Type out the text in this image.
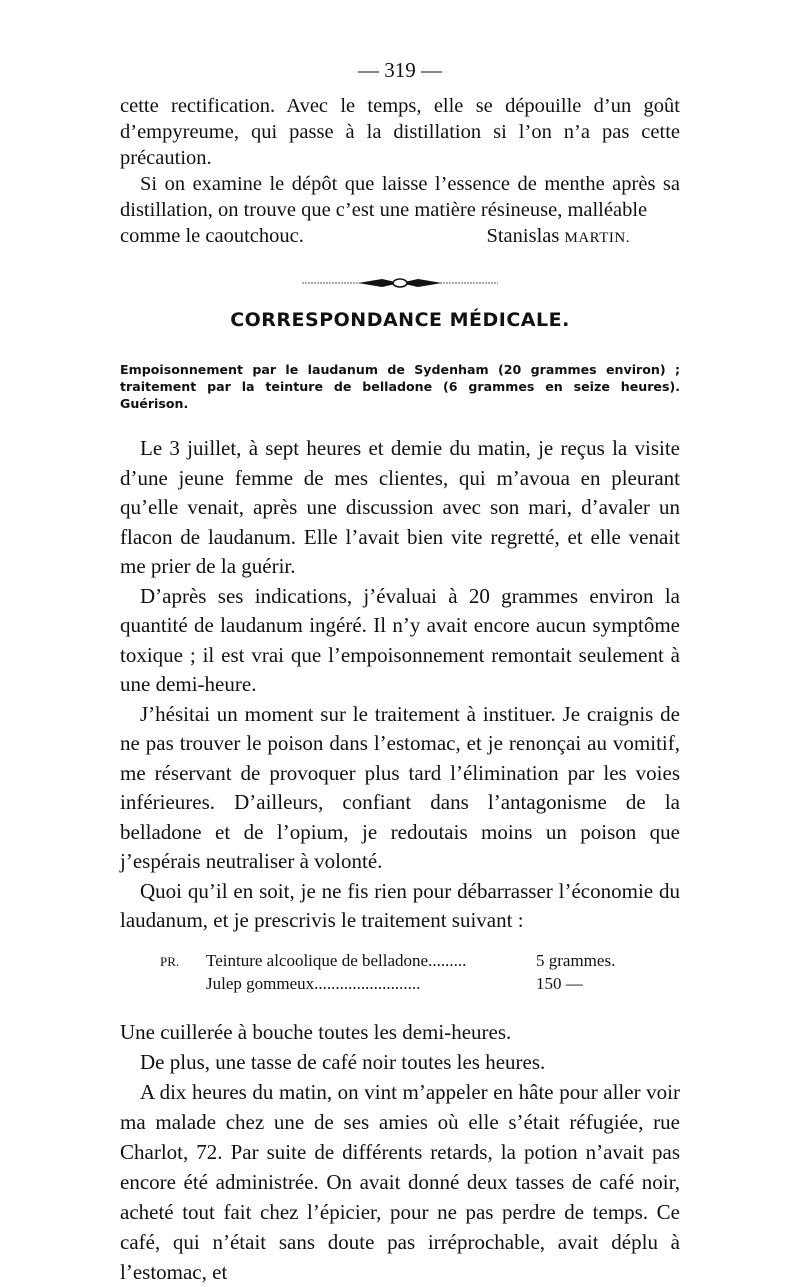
— 319 —

cette rectification. Avec le temps, elle se dépouille d’un goût d’empyreume, qui passe à la distillation si l’on n’a pas cette précaution.

Si on examine le dépôt que laisse l’essence de menthe après sa distillation, on trouve que c’est une matière résineuse, malléable

comme le caoutchouc.	Stanislas MARTIN.
CORRESPONDANCE MÉDICALE.
Empoisonnement par le laudanum de Sydenham (20 grammes environ) ; traitement par la teinture de belladone (6 grammes en seize heures). Guérison.

Le 3 juillet, à sept heures et demie du matin, je reçus la visite d’une jeune femme de mes clientes, qui m’avoua en pleurant qu’elle venait, après une discussion avec son mari, d’avaler un flacon de laudanum. Elle l’avait bien vite regretté, et elle venait me prier de la guérir.

D’après ses indications, j’évaluai à 20 grammes environ la quantité de laudanum ingéré. Il n’y avait encore aucun symptôme toxique ; il est vrai que l’empoisonnement remontait seulement à une demi-heure.

J’hésitai un moment sur le traitement à instituer. Je craignis de ne pas trouver le poison dans l’estomac, et je renonçai au vomitif, me réservant de provoquer plus tard l’élimination par les voies inférieures. D’ailleurs, confiant dans l’antagonisme de la belladone et de l’opium, je redoutais moins un poison que j’espérais neutraliser à volonté.

Quoi qu’il en soit, je ne fis rien pour débarrasser l’économie du laudanum, et je prescrivis le traitement suivant :

PR.	Teinture alcoolique de belladone.........	5 grammes.
Julep gommeux.........................	150 —

Une cuillerée à bouche toutes les demi-heures.

De plus, une tasse de café noir toutes les heures.

A dix heures du matin, on vint m’appeler en hâte pour aller voir ma malade chez une de ses amies où elle s’était réfugiée, rue Charlot, 72. Par suite de différents retards, la potion n’avait pas encore été administrée. On avait donné deux tasses de café noir, acheté tout fait chez l’épicier, pour ne pas perdre de temps. Ce café, qui n’était sans doute pas irréprochable, avait déplu à l’estomac, et
